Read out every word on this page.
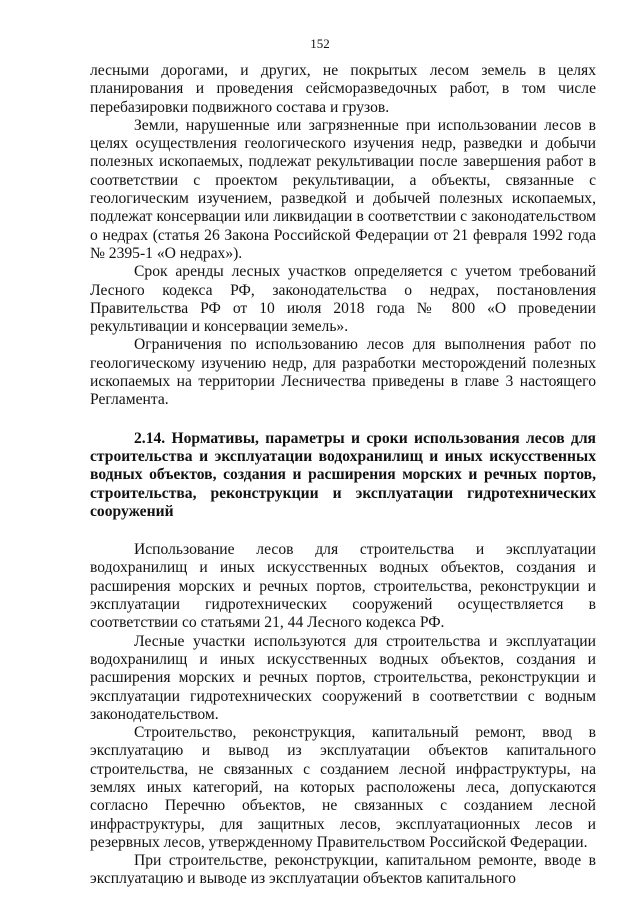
152

лесными дорогами, и других, не покрытых лесом земель в целях планирования и проведения сейсморазведочных работ, в том числе перебазировки подвижного состава и грузов.

Земли, нарушенные или загрязненные при использовании лесов в целях осуществления геологического изучения недр, разведки и добычи полезных ископаемых, подлежат рекультивации после завершения работ в соответствии с проектом рекультивации, а объекты, связанные с геологическим изучением, разведкой и добычей полезных ископаемых, подлежат консервации или ликвидации в соответствии с законодательством о недрах (статья 26 Закона Российской Федерации от 21 февраля 1992 года № 2395-1 «О недрах»).

Срок аренды лесных участков определяется с учетом требований Лесного кодекса РФ, законодательства о недрах, постановления Правительства РФ от 10 июля 2018 года № 800 «О проведении рекультивации и консервации земель».

Ограничения по использованию лесов для выполнения работ по геологическому изучению недр, для разработки месторождений полезных ископаемых на территории Лесничества приведены в главе 3 настоящего Регламента.

2.14. Нормативы, параметры и сроки использования лесов для строительства и эксплуатации водохранилищ и иных искусственных водных объектов, создания и расширения морских и речных портов, строительства, реконструкции и эксплуатации гидротехнических сооружений

Использование лесов для строительства и эксплуатации водохранилищ и иных искусственных водных объектов, создания и расширения морских и речных портов, строительства, реконструкции и эксплуатации гидротехнических сооружений осуществляется в соответствии со статьями 21, 44 Лесного кодекса РФ.

Лесные участки используются для строительства и эксплуатации водохранилищ и иных искусственных водных объектов, создания и расширения морских и речных портов, строительства, реконструкции и эксплуатации гидротехнических сооружений в соответствии с водным законодательством.

Строительство, реконструкция, капитальный ремонт, ввод в эксплуатацию и вывод из эксплуатации объектов капитального строительства, не связанных с созданием лесной инфраструктуры, на землях иных категорий, на которых расположены леса, допускаются согласно Перечню объектов, не связанных с созданием лесной инфраструктуры, для защитных лесов, эксплуатационных лесов и резервных лесов, утвержденному Правительством Российской Федерации.

При строительстве, реконструкции, капитальном ремонте, вводе в эксплуатацию и выводе из эксплуатации объектов капитального
